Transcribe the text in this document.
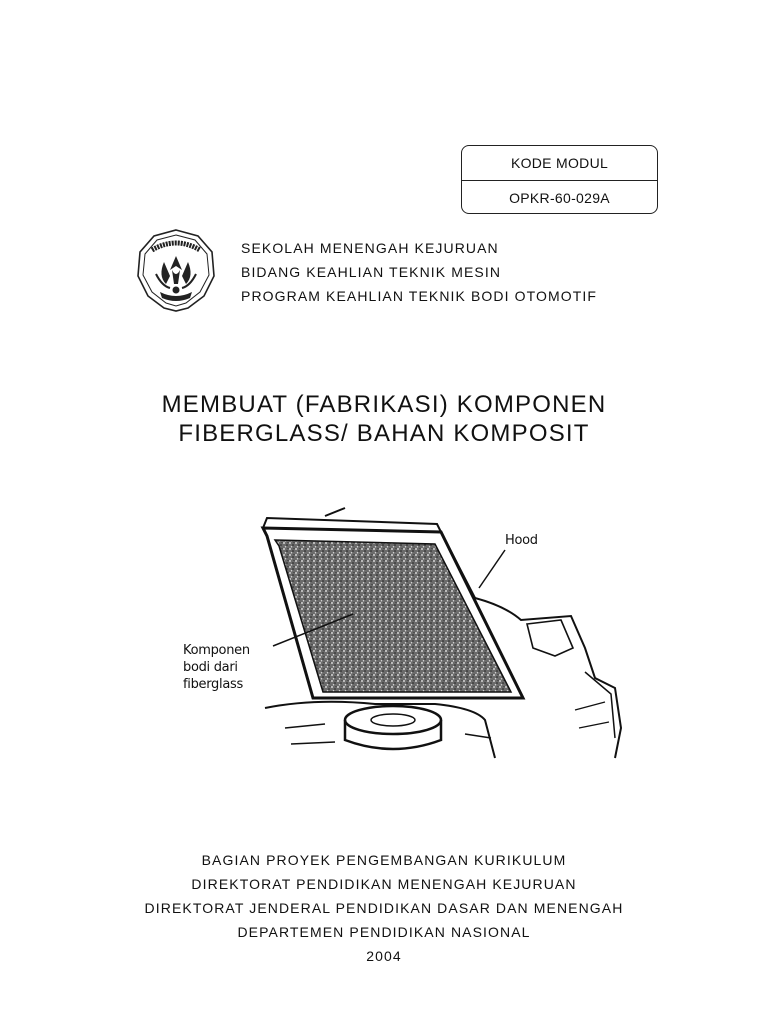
KODE MODUL
OPKR-60-029A
SEKOLAH MENENGAH KEJURUAN
BIDANG KEAHLIAN TEKNIK MESIN
PROGRAM KEAHLIAN TEKNIK BODI OTOMOTIF
MEMBUAT (FABRIKASI) KOMPONEN
FIBERGLASS/ BAHAN KOMPOSIT
Hood
Komponen
bodi dari
fiberglass
BAGIAN PROYEK PENGEMBANGAN KURIKULUM
DIREKTORAT PENDIDIKAN MENENGAH KEJURUAN
DIREKTORAT JENDERAL PENDIDIKAN DASAR DAN MENENGAH
DEPARTEMEN PENDIDIKAN NASIONAL
2004
